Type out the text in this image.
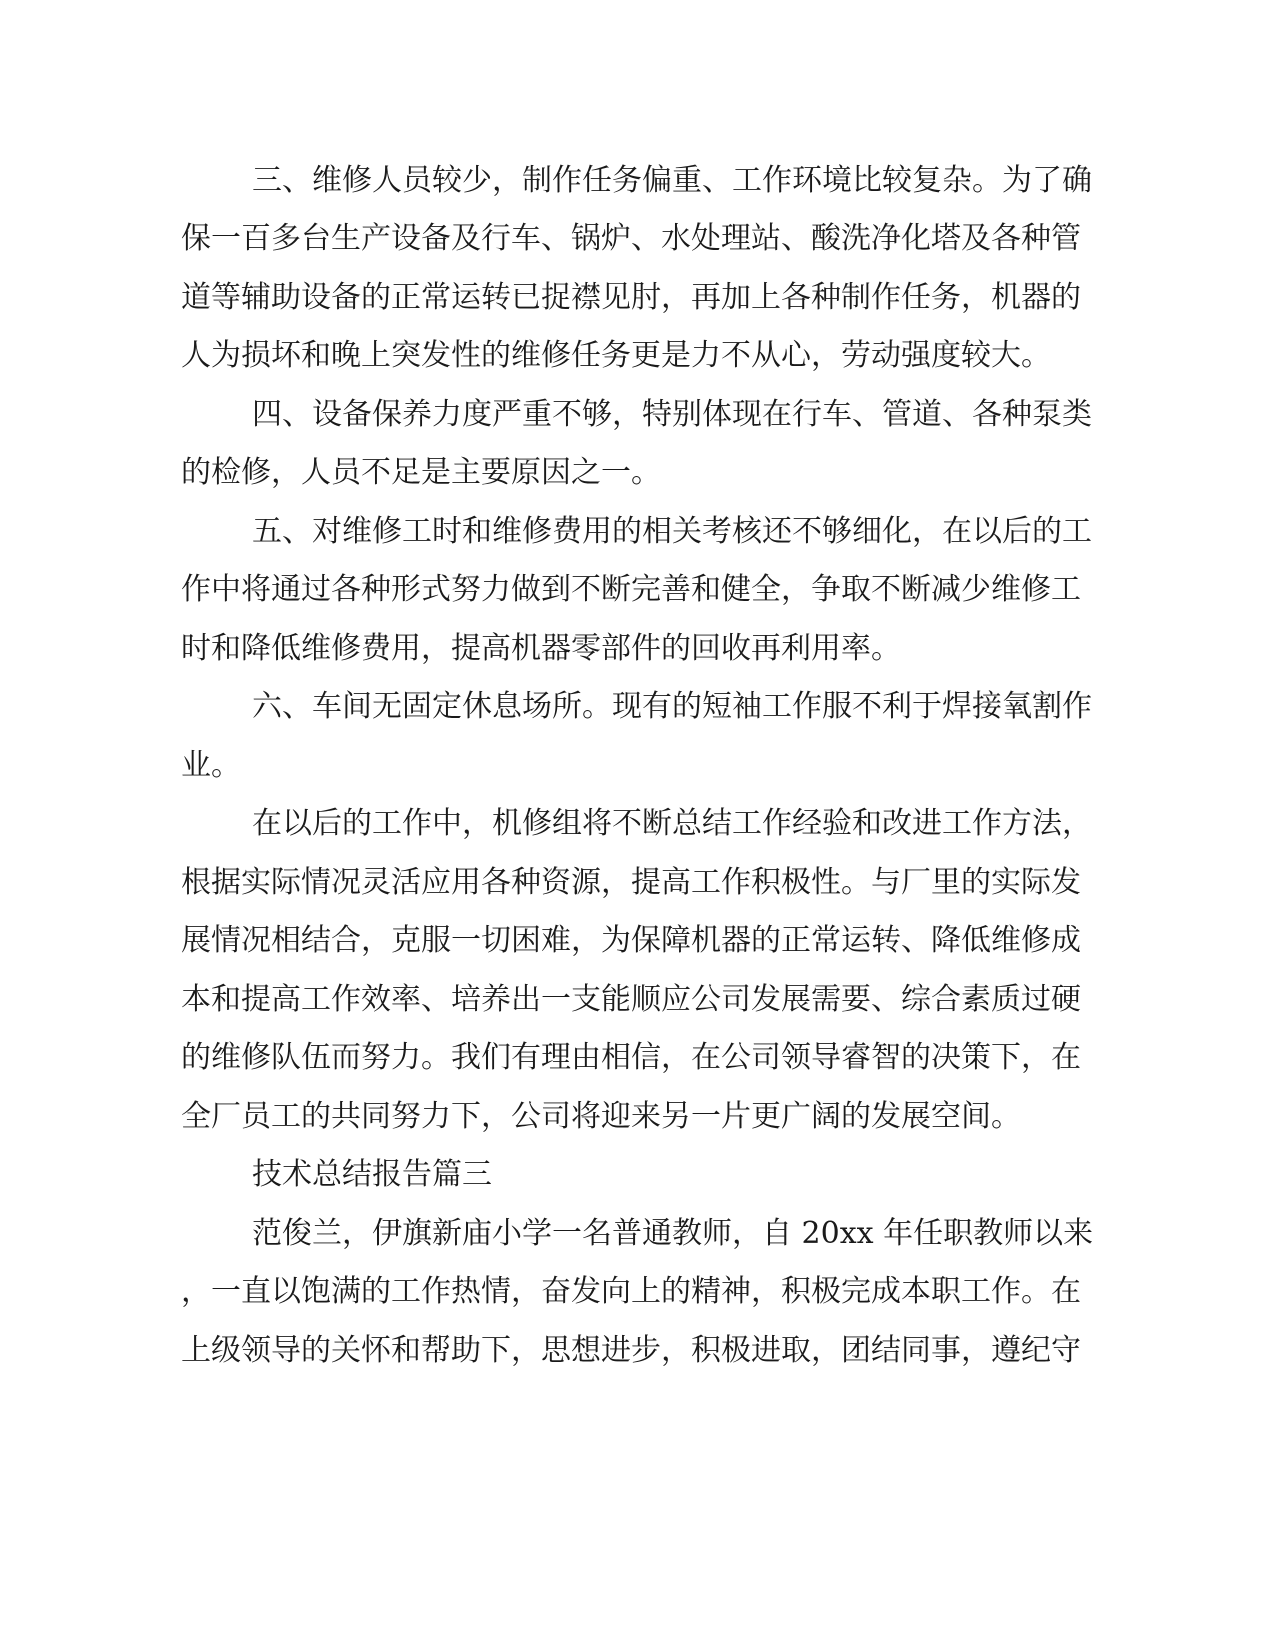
三、维修人员较少，制作任务偏重、工作环境比较复杂。为了确
保一百多台生产设备及行车、锅炉、水处理站、酸洗净化塔及各种管
道等辅助设备的正常运转已捉襟见肘，再加上各种制作任务，机器的
人为损坏和晚上突发性的维修任务更是力不从心，劳动强度较大。
四、设备保养力度严重不够，特别体现在行车、管道、各种泵类
的检修，人员不足是主要原因之一。
五、对维修工时和维修费用的相关考核还不够细化，在以后的工
作中将通过各种形式努力做到不断完善和健全，争取不断减少维修工
时和降低维修费用，提高机器零部件的回收再利用率。
六、车间无固定休息场所。现有的短袖工作服不利于焊接氧割作
业。
在以后的工作中，机修组将不断总结工作经验和改进工作方法，
根据实际情况灵活应用各种资源，提高工作积极性。与厂里的实际发
展情况相结合，克服一切困难，为保障机器的正常运转、降低维修成
本和提高工作效率、培养出一支能顺应公司发展需要、综合素质过硬
的维修队伍而努力。我们有理由相信，在公司领导睿智的决策下，在
全厂员工的共同努力下，公司将迎来另一片更广阔的发展空间。
技术总结报告篇三
范俊兰，伊旗新庙小学一名普通教师，自 20xx 年任职教师以来
，一直以饱满的工作热情，奋发向上的精神，积极完成本职工作。在
上级领导的关怀和帮助下，思想进步，积极进取，团结同事，遵纪守
